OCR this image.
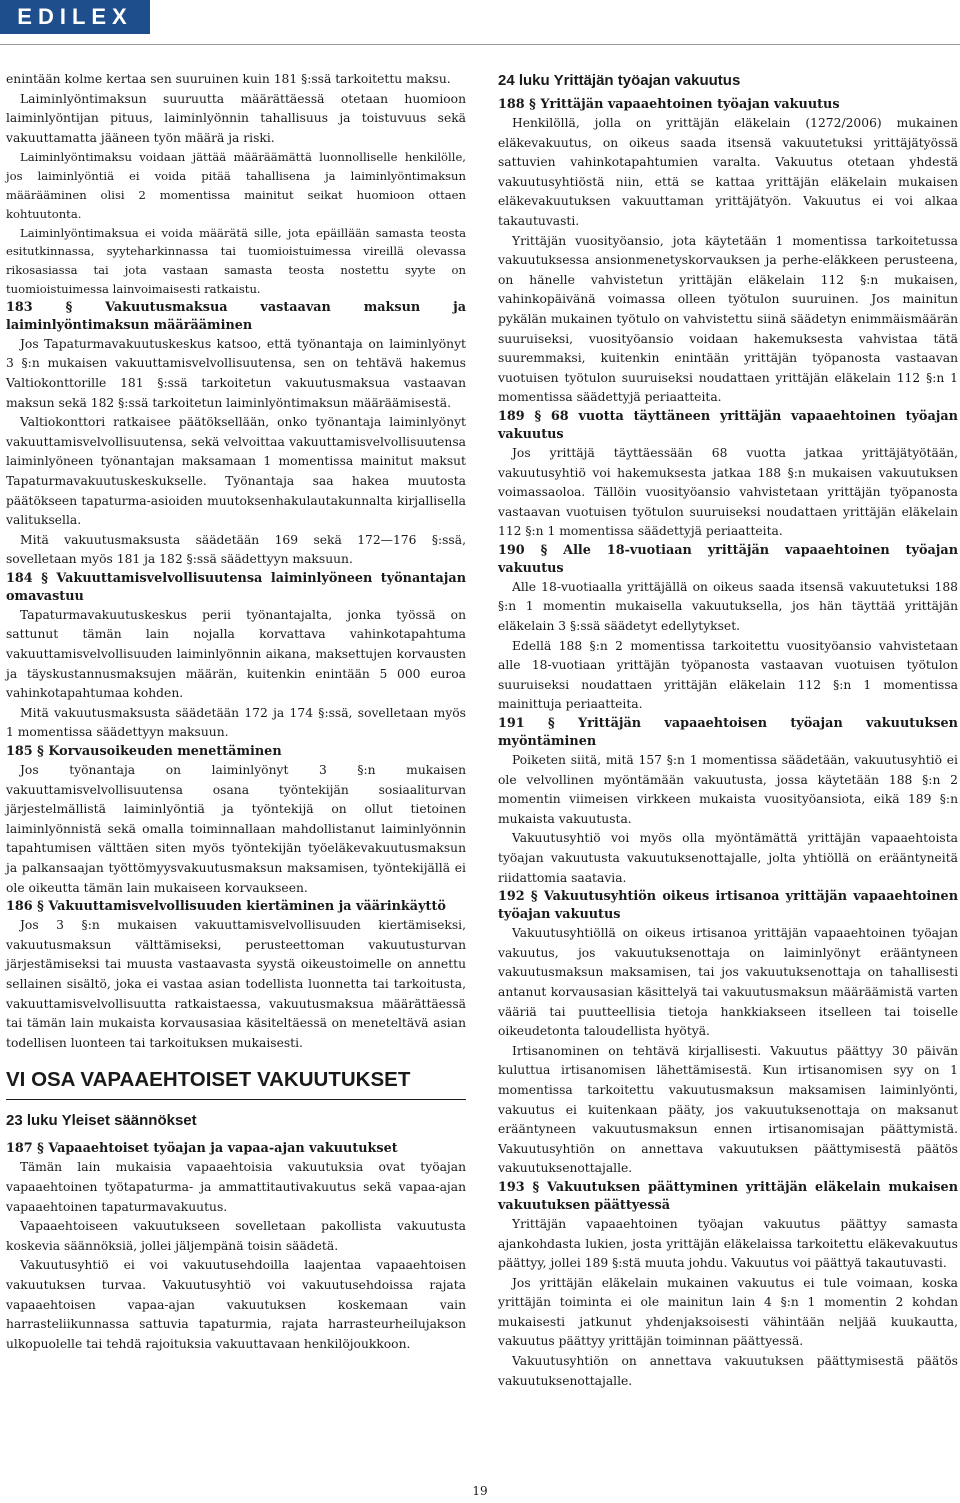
EDILEX

enintään kolme kertaa sen suuruinen kuin 181 §:ssä tarkoitettu maksu.

Laiminlyöntimaksun suuruutta määrättäessä otetaan huomioon laiminlyöntijan pituus, laiminlyönnin tahallisuus ja toistuvuus sekä vakuuttamatta jääneen työn määrä ja riski.

Laiminlyöntimaksu voidaan jättää määräämättä luonnolliselle henkilölle, jos laiminlyöntiä ei voida pitää tahallisena ja laiminlyöntimaksun määrääminen olisi 2 momentissa mainitut seikat huomioon ottaen kohtuutonta.

Laiminlyöntimaksua ei voida määrätä sille, jota epäillään samasta teosta esitutkinnassa, syyteharkinnassa tai tuomioistuimessa vireillä olevassa rikosasiassa tai jota vastaan samasta teosta nostettu syyte on tuomioistuimessa lainvoimaisesti ratkaistu.

183 § Vakuutusmaksua vastaavan maksun ja laiminlyöntimaksun määrääminen

Jos Tapaturmavakuutuskeskus katsoo, että työnantaja on laiminlyönyt 3 §:n mukaisen vakuuttamisvelvollisuutensa, sen on tehtävä hakemus Valtiokonttorille 181 §:ssä tarkoitetun vakuutusmaksua vastaavan maksun sekä 182 §:ssä tarkoitetun laiminlyöntimaksun määräämisestä.

Valtiokonttori ratkaisee päätöksellään, onko työnantaja laiminlyönyt vakuuttamisvelvollisuutensa, sekä velvoittaa vakuuttamisvelvollisuutensa laiminlyöneen työnantajan maksamaan 1 momentissa mainitut maksut Tapaturmavakuutuskeskukselle. Työnantaja saa hakea muutosta päätökseen tapaturma-asioiden muutoksenhakulautakunnalta kirjallisella valituksella.

Mitä vakuutusmaksusta säädetään 169 sekä 172—176 §:ssä, sovelletaan myös 181 ja 182 §:ssä säädettyyn maksuun.

184 § Vakuuttamisvelvollisuutensa laiminlyöneen työnantajan omavastuu

Tapaturmavakuutuskeskus perii työnantajalta, jonka työssä on sattunut tämän lain nojalla korvattava vahinkotapahtuma vakuuttamisvelvollisuuden laiminlyönnin aikana, maksettujen korvausten ja täyskustannusmaksujen määrän, kuitenkin enintään 5 000 euroa vahinkotapahtumaa kohden.

Mitä vakuutusmaksusta säädetään 172 ja 174 §:ssä, sovelletaan myös 1 momentissa säädettyyn maksuun.

185 § Korvausoikeuden menettäminen

Jos työnantaja on laiminlyönyt 3 §:n mukaisen vakuuttamisvelvollisuutensa osana työntekijän sosiaaliturvan järjestelmällistä laiminlyöntiä ja työntekijä on ollut tietoinen laiminlyönnistä sekä omalla toiminnallaan mahdollistanut laiminlyönnin tapahtumisen välttäen siten myös työntekijän työeläkevakuutusmaksun ja palkansaajan työttömyysvakuutusmaksun maksamisen, työntekijällä ei ole oikeutta tämän lain mukaiseen korvaukseen.

186 § Vakuuttamisvelvollisuuden kiertäminen ja väärinkäyttö

Jos 3 §:n mukaisen vakuuttamisvelvollisuuden kiertämiseksi, vakuutusmaksun välttämiseksi, perusteettoman vakuutusturvan järjestämiseksi tai muusta vastaavasta syystä oikeustoimelle on annettu sellainen sisältö, joka ei vastaa asian todellista luonnetta tai tarkoitusta, vakuuttamisvelvollisuutta ratkaistaessa, vakuutusmaksua määrättäessä tai tämän lain mukaista korvausasiaa käsiteltäessä on meneteltävä asian todellisen luonteen tai tarkoituksen mukaisesti.

VI OSA VAPAAEHTOISET VAKUUTUKSET
23 luku Yleiset säännökset

187 § Vapaaehtoiset työajan ja vapaa-ajan vakuutukset

Tämän lain mukaisia vapaaehtoisia vakuutuksia ovat työajan vapaaehtoinen työtapaturma- ja ammattitautivakuutus sekä vapaa-ajan vapaaehtoinen tapaturmavakuutus.

Vapaaehtoiseen vakuutukseen sovelletaan pakollista vakuutusta koskevia säännöksiä, jollei jäljempänä toisin säädetä.

Vakuutusyhtiö ei voi vakuutusehdoilla laajentaa vapaaehtoisen vakuutuksen turvaa. Vakuutusyhtiö voi vakuutusehdoissa rajata vapaaehtoisen vapaa-ajan vakuutuksen koskemaan vain harrasteliikunnassa sattuvia tapaturmia, rajata harrasteurheilujakson ulkopuolelle tai tehdä rajoituksia vakuuttavaan henkilöjoukkoon.

24 luku Yrittäjän työajan vakuutus

188 § Yrittäjän vapaaehtoinen työajan vakuutus

Henkilöllä, jolla on yrittäjän eläkelain (1272/2006) mukainen eläkevakuutus, on oikeus saada itsensä vakuutetuksi yrittäjätyössä sattuvien vahinkotapahtumien varalta. Vakuutus otetaan yhdestä vakuutusyhtiöstä niin, että se kattaa yrittäjän eläkelain mukaisen eläkevakuutuksen vakuuttaman yrittäjätyön. Vakuutus ei voi alkaa takautuvasti.

Yrittäjän vuosityöansio, jota käytetään 1 momentissa tarkoitetussa vakuutuksessa ansionmenetyskorvauksen ja perhe-eläkkeen perusteena, on hänelle vahvistetun yrittäjän eläkelain 112 §:n mukaisen, vahinkopäivänä voimassa olleen työtulon suuruinen. Jos mainitun pykälän mukainen työtulo on vahvistettu siinä säädetyn enimmäismäärän suuruiseksi, vuosityöansio voidaan hakemuksesta vahvistaa tätä suuremmaksi, kuitenkin enintään yrittäjän työpanosta vastaavan vuotuisen työtulon suuruiseksi noudattaen yrittäjän eläkelain 112 §:n 1 momentissa säädettyjä periaatteita.

189 § 68 vuotta täyttäneen yrittäjän vapaaehtoinen työajan vakuutus

Jos yrittäjä täyttäessään 68 vuotta jatkaa yrittäjätyötään, vakuutusyhtiö voi hakemuksesta jatkaa 188 §:n mukaisen vakuutuksen voimassaoloa. Tällöin vuosityöansio vahvistetaan yrittäjän työpanosta vastaavan vuotuisen työtulon suuruiseksi noudattaen yrittäjän eläkelain 112 §:n 1 momentissa säädettyjä periaatteita.

190 § Alle 18-vuotiaan yrittäjän vapaaehtoinen työajan vakuutus

Alle 18-vuotiaalla yrittäjällä on oikeus saada itsensä vakuutetuksi 188 §:n 1 momentin mukaisella vakuutuksella, jos hän täyttää yrittäjän eläkelain 3 §:ssä säädetyt edellytykset.

Edellä 188 §:n 2 momentissa tarkoitettu vuosityöansio vahvistetaan alle 18-vuotiaan yrittäjän työpanosta vastaavan vuotuisen työtulon suuruiseksi noudattaen yrittäjän eläkelain 112 §:n 1 momentissa mainittuja periaatteita.

191 § Yrittäjän vapaaehtoisen työajan vakuutuksen myöntäminen

Poiketen siitä, mitä 157 §:n 1 momentissa säädetään, vakuutusyhtiö ei ole velvollinen myöntämään vakuutusta, jossa käytetään 188 §:n 2 momentin viimeisen virkkeen mukaista vuosityöansiota, eikä 189 §:n mukaista vakuutusta.

Vakuutusyhtiö voi myös olla myöntämättä yrittäjän vapaaehtoista työajan vakuutusta vakuutuksenottajalle, jolta yhtiöllä on erääntyneitä riidattomia saatavia.

192 § Vakuutusyhtiön oikeus irtisanoa yrittäjän vapaaehtoinen työajan vakuutus

Vakuutusyhtiöllä on oikeus irtisanoa yrittäjän vapaaehtoinen työajan vakuutus, jos vakuutuksenottaja on laiminlyönyt erääntyneen vakuutusmaksun maksamisen, tai jos vakuutuksenottaja on tahallisesti antanut korvausasian käsittelyä tai vakuutusmaksun määräämistä varten vääriä tai puutteellisia tietoja hankkiakseen itselleen tai toiselle oikeudetonta taloudellista hyötyä.

Irtisanominen on tehtävä kirjallisesti. Vakuutus päättyy 30 päivän kuluttua irtisanomisen lähettämisestä. Kun irtisanomisen syy on 1 momentissa tarkoitettu vakuutusmaksun maksamisen laiminlyönti, vakuutus ei kuitenkaan pääty, jos vakuutuksenottaja on maksanut erääntyneen vakuutusmaksun ennen irtisanomisajan päättymistä. Vakuutusyhtiön on annettava vakuutuksen päättymisestä päätös vakuutuksenottajalle.

193 § Vakuutuksen päättyminen yrittäjän eläkelain mukaisen vakuutuksen päättyessä

Yrittäjän vapaaehtoinen työajan vakuutus päättyy samasta ajankohdasta lukien, josta yrittäjän eläkelaissa tarkoitettu eläkevakuutus päättyy, jollei 189 §:stä muuta johdu. Vakuutus voi päättyä takautuvasti.

Jos yrittäjän eläkelain mukainen vakuutus ei tule voimaan, koska yrittäjän toiminta ei ole mainitun lain 4 §:n 1 momentin 2 kohdan mukaisesti jatkunut yhdenjaksoisesti vähintään neljää kuukautta, vakuutus päättyy yrittäjän toiminnan päättyessä.

Vakuutusyhtiön on annettava vakuutuksen päättymisestä päätös vakuutuksenottajalle.

19
